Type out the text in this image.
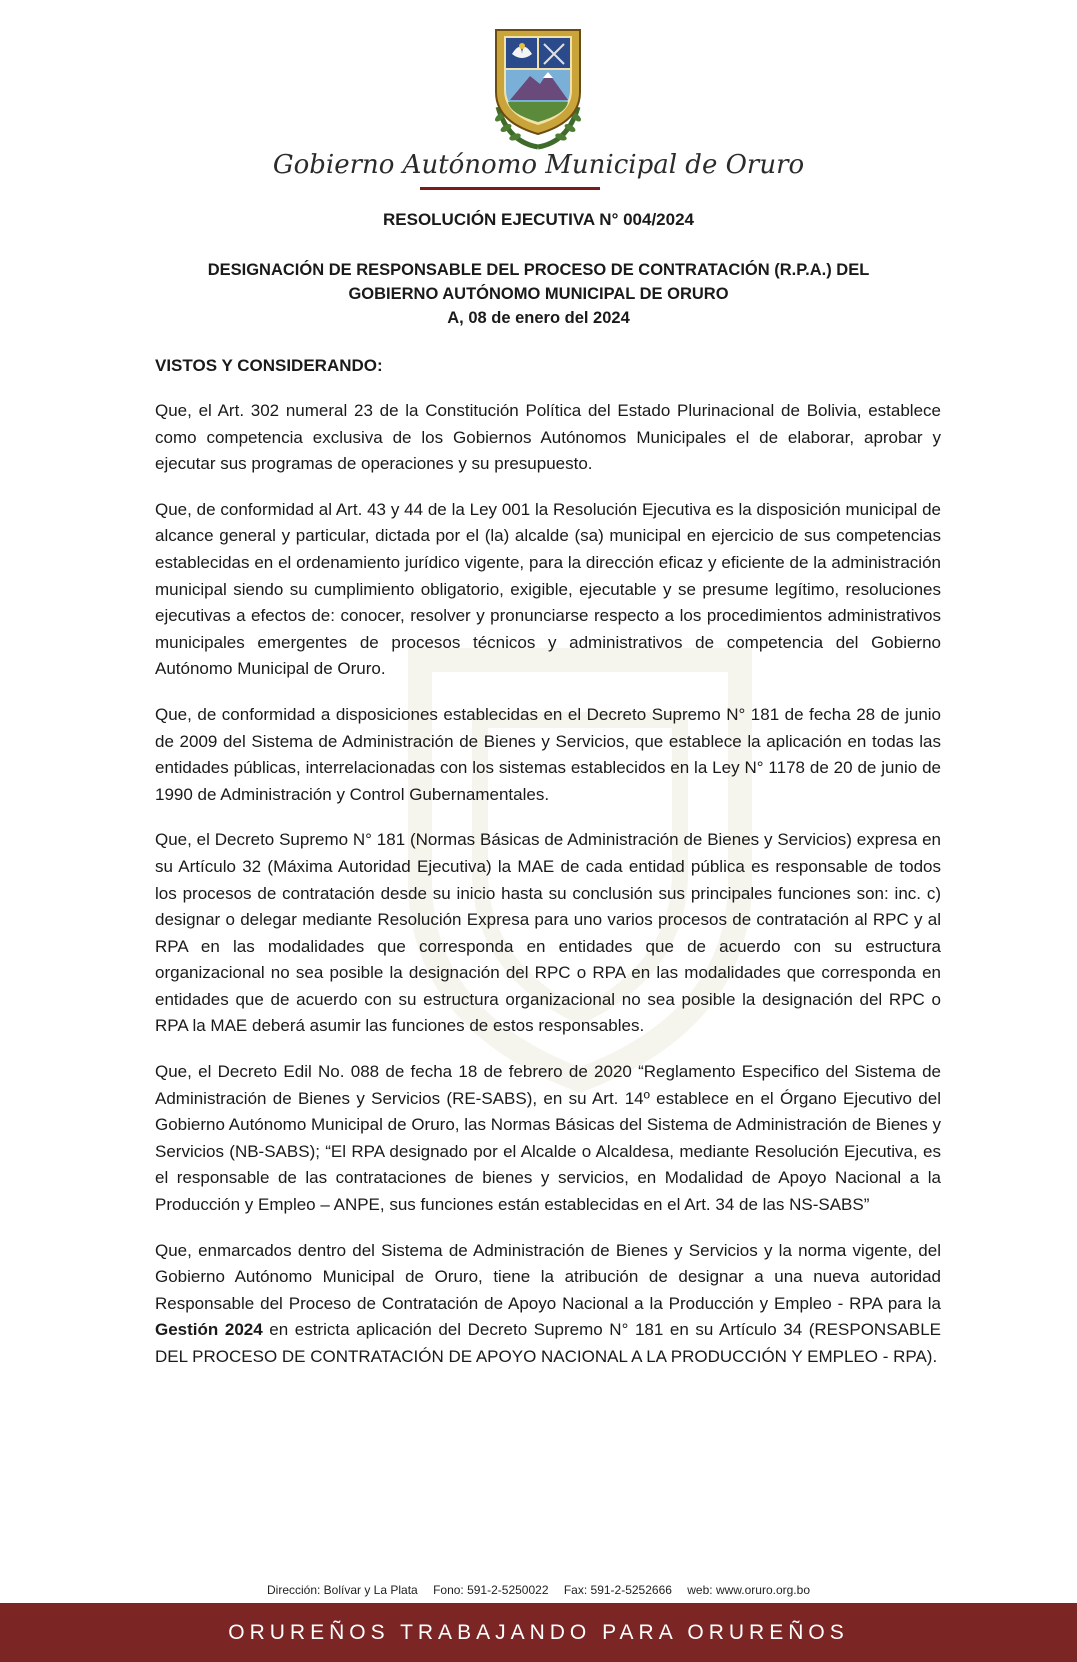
Gobierno Autónomo Municipal de Oruro
RESOLUCIÓN EJECUTIVA N° 004/2024
DESIGNACIÓN DE RESPONSABLE DEL PROCESO DE CONTRATACIÓN (R.P.A.) DEL
GOBIERNO AUTÓNOMO MUNICIPAL DE ORURO
A, 08 de enero del 2024
VISTOS Y CONSIDERANDO:

Que, el Art. 302 numeral 23 de la Constitución Política del Estado Plurinacional de Bolivia, establece como competencia exclusiva de los Gobiernos Autónomos Municipales el de elaborar, aprobar y ejecutar sus programas de operaciones y su presupuesto.

Que, de conformidad al Art. 43 y 44 de la Ley 001 la Resolución Ejecutiva es la disposición municipal de alcance general y particular, dictada por el (la) alcalde (sa) municipal en ejercicio de sus competencias establecidas en el ordenamiento jurídico vigente, para la dirección eficaz y eficiente de la administración municipal siendo su cumplimiento obligatorio, exigible, ejecutable y se presume legítimo, resoluciones ejecutivas a efectos de: conocer, resolver y pronunciarse respecto a los procedimientos administrativos municipales emergentes de procesos técnicos y administrativos de competencia del Gobierno Autónomo Municipal de Oruro.

Que, de conformidad a disposiciones establecidas en el Decreto Supremo N° 181 de fecha 28 de junio de 2009 del Sistema de Administración de Bienes y Servicios, que establece la aplicación en todas las entidades públicas, interrelacionadas con los sistemas establecidos en la Ley N° 1178 de 20 de junio de 1990 de Administración y Control Gubernamentales.

Que, el Decreto Supremo N° 181 (Normas Básicas de Administración de Bienes y Servicios) expresa en su Artículo 32 (Máxima Autoridad Ejecutiva) la MAE de cada entidad pública es responsable de todos los procesos de contratación desde su inicio hasta su conclusión sus principales funciones son: inc. c) designar o delegar mediante Resolución Expresa para uno varios procesos de contratación al RPC y al RPA en las modalidades que corresponda en entidades que de acuerdo con su estructura organizacional no sea posible la designación del RPC o RPA en las modalidades que corresponda en entidades que de acuerdo con su estructura organizacional no sea posible la designación del RPC o RPA la MAE deberá asumir las funciones de estos responsables.

Que, el Decreto Edil No. 088 de fecha 18 de febrero de 2020 “Reglamento Especifico del Sistema de Administración de Bienes y Servicios (RE-SABS), en su Art. 14º establece en el Órgano Ejecutivo del Gobierno Autónomo Municipal de Oruro, las Normas Básicas del Sistema de Administración de Bienes y Servicios (NB-SABS); “El RPA designado por el Alcalde o Alcaldesa, mediante Resolución Ejecutiva, es el responsable de las contrataciones de bienes y servicios, en Modalidad de Apoyo Nacional a la Producción y Empleo – ANPE, sus funciones están establecidas en el Art. 34 de las NS-SABS”

Que, enmarcados dentro del Sistema de Administración de Bienes y Servicios y la norma vigente, del Gobierno Autónomo Municipal de Oruro, tiene la atribución de designar a una nueva autoridad Responsable del Proceso de Contratación de Apoyo Nacional a la Producción y Empleo - RPA para la Gestión 2024 en estricta aplicación del Decreto Supremo N° 181 en su Artículo 34 (RESPONSABLE DEL PROCESO DE CONTRATACIÓN DE APOYO NACIONAL A LA PRODUCCIÓN Y EMPLEO - RPA).

Dirección: Bolívar y La Plata Fono: 591-2-5250022 Fax: 591-2-5252666 web: www.oruro.org.bo
ORUREÑOS TRABAJANDO PARA ORUREÑOS
